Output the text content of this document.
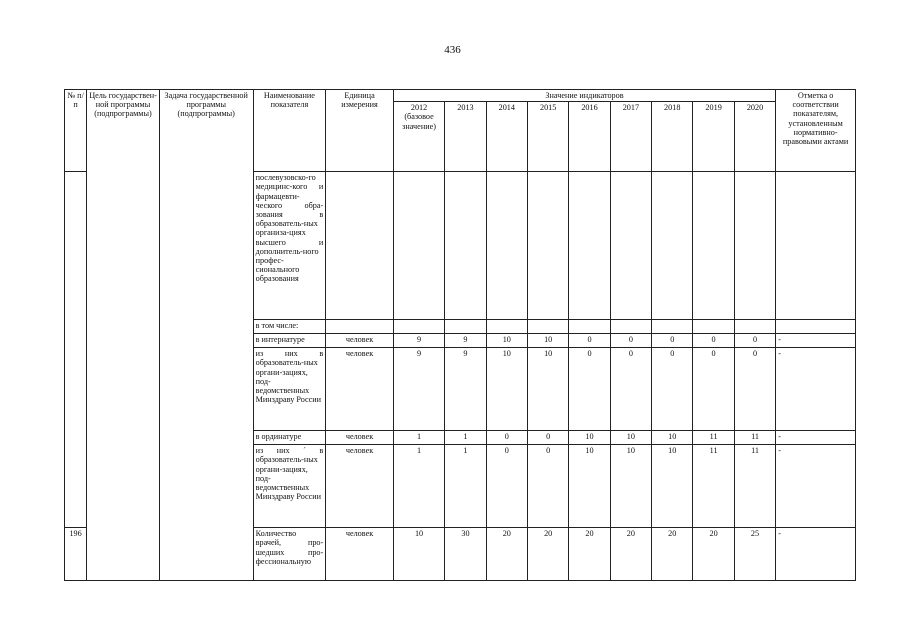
436
№ п/п	Цель государствен-ной программы (подпрограммы)	Задача государственной программы (подпрограммы)	Наименование показателя	Единица измерения	Значение индикаторов									Отметка о соответствии показателям, установленным нормативно-правовыми актами
					2012 (базовое значение)	2013	2014	2015	2016	2017	2018	2019	2020	
			послевузовско-го медицинс-кого и фармацевти-ческого обра-зования в образователь-ных организа-циях высшего и дополнитель-ного профес-сионального образования											
			в том числе:											
			в интернатуре	человек	9	9	10	10	0	0	0	0	0	-
			из них в образователь-ных органи-зациях, под-ведомственных Минздраву России	человек	9	9	10	10	0	0	0	0	0	-
			в ординатуре	человек	1	1	0	0	10	10	10	11	11	-
			из них ´ в образователь-ных органи-зациях, под-ведомственных Минздраву России	человек	1	1	0	0	10	10	10	11	11	-
196			Количество врачей, про-шедших про-фессиональную	человек	10	30	20	20	20	20	20	20	25	-
